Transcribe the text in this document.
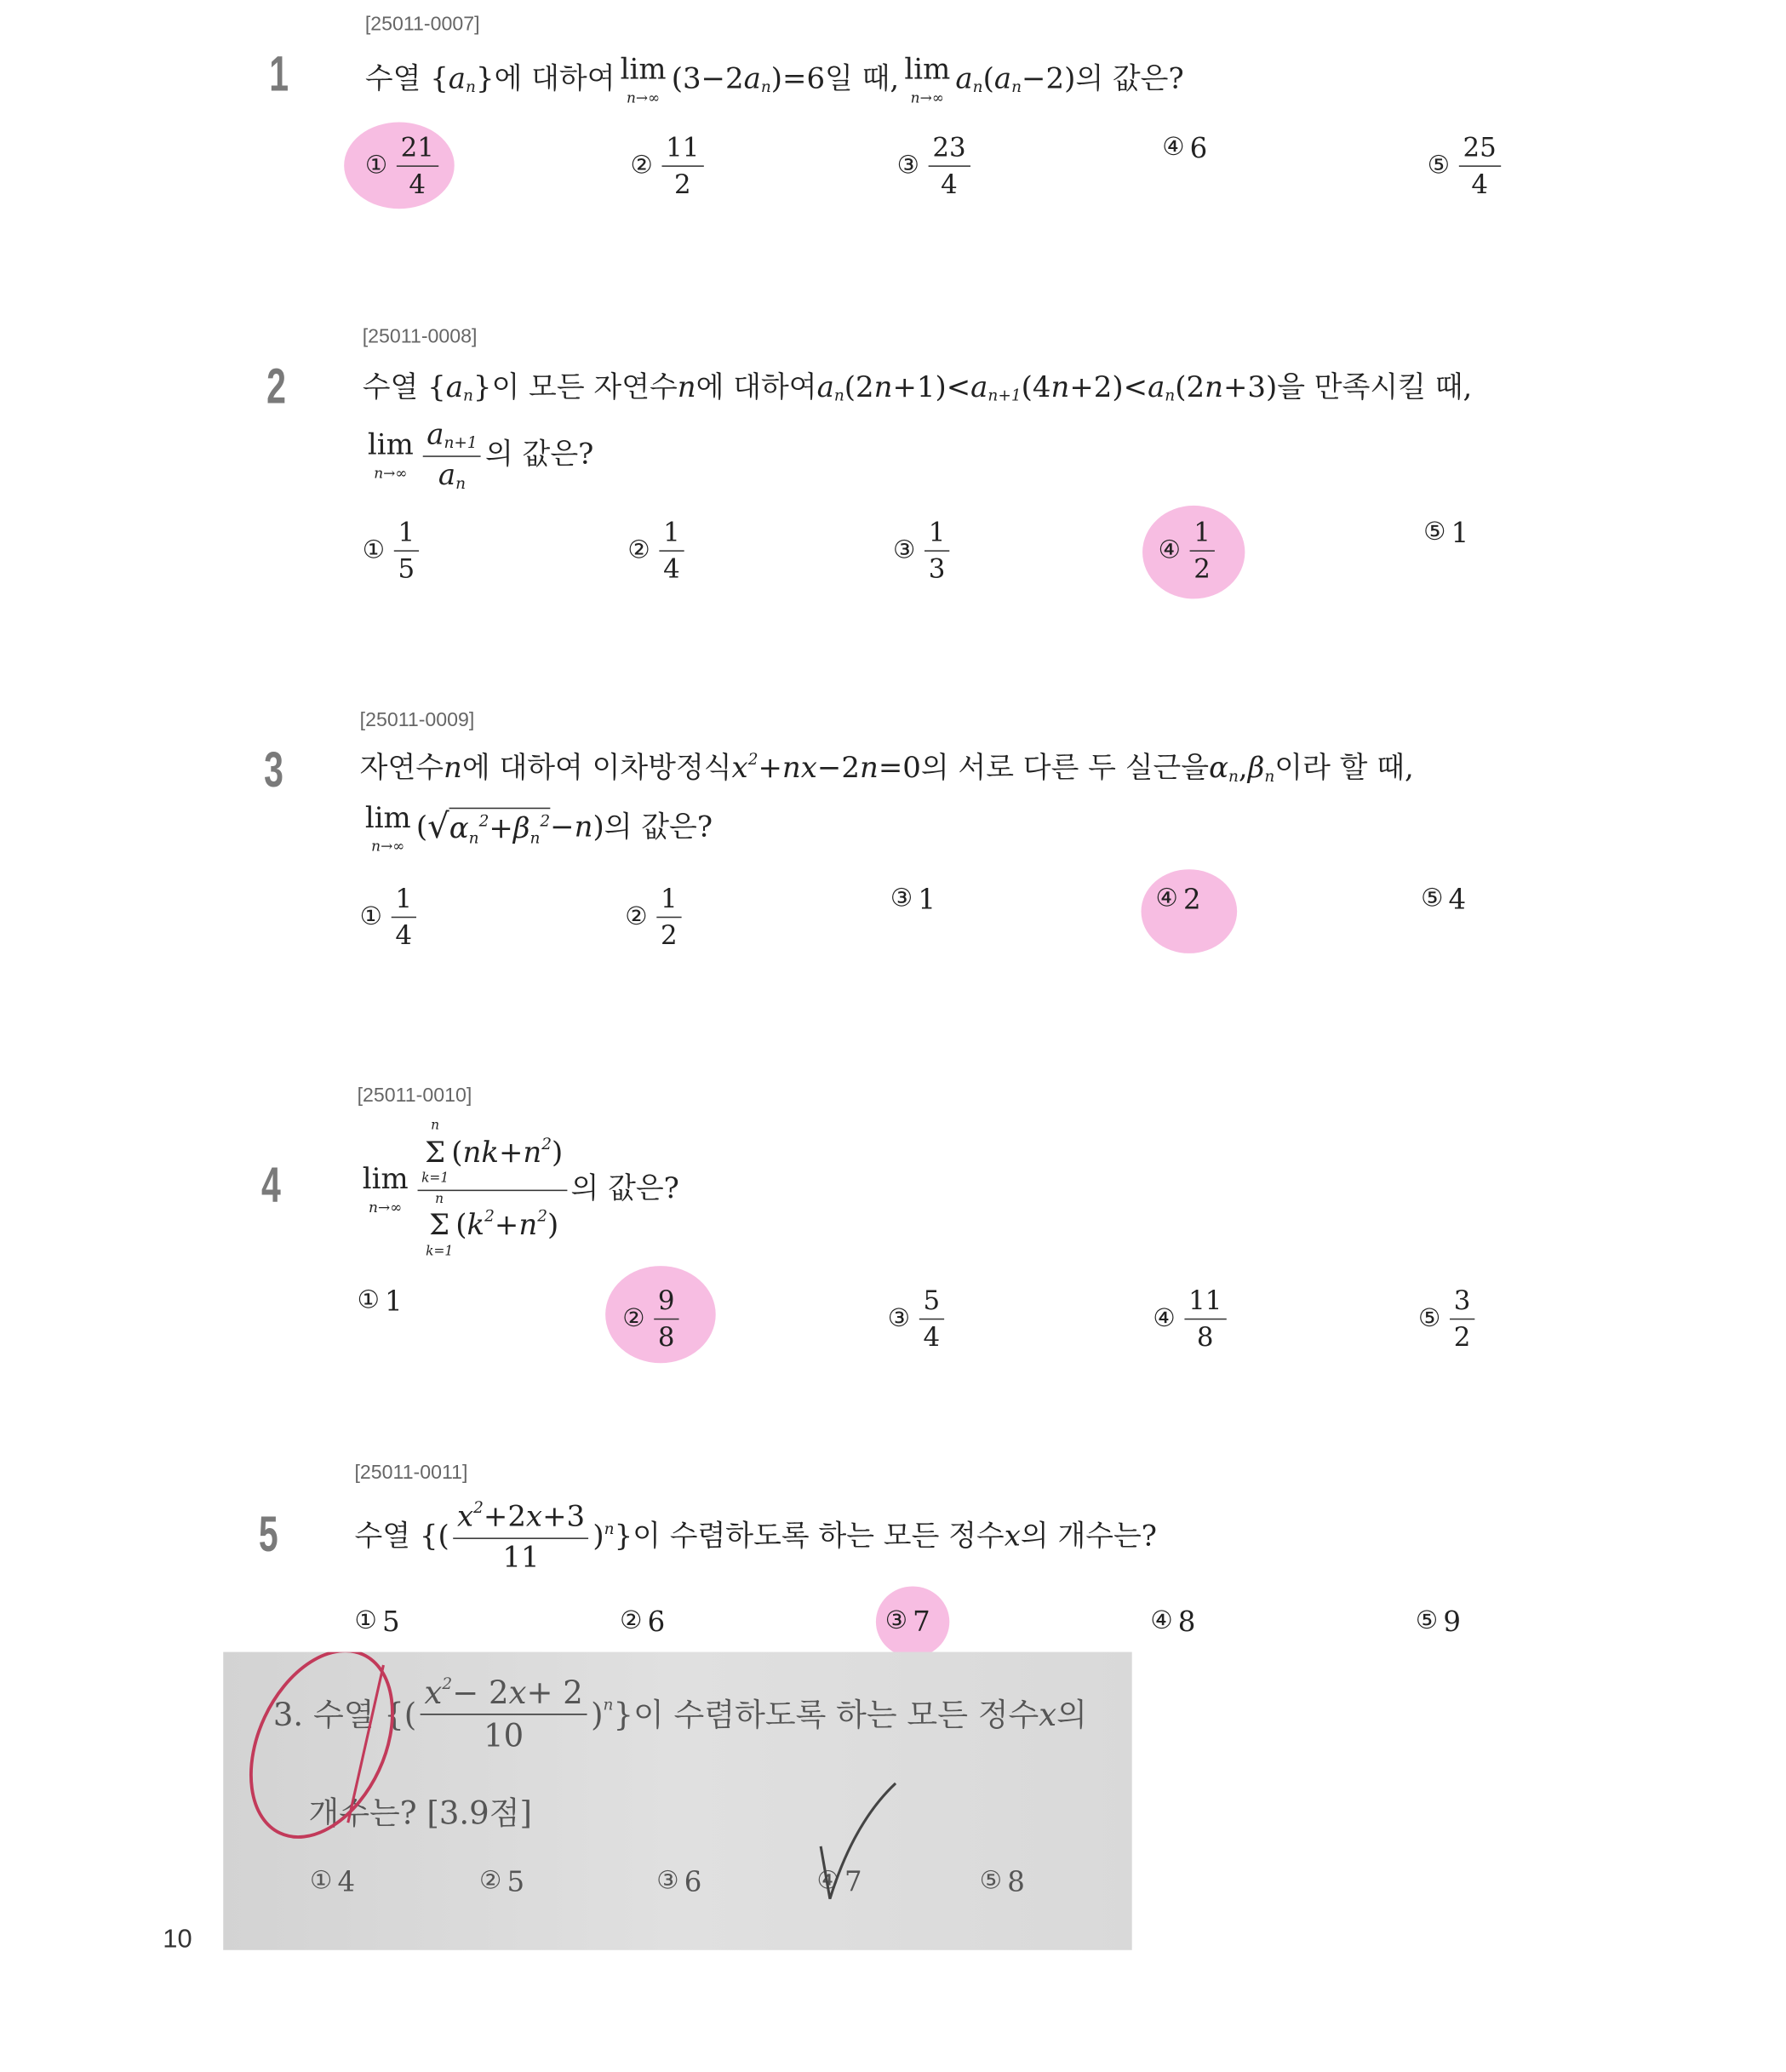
[25011-0007]
1	수열 { $a_n$ }에 대하여 lim
n→∞
(3−2 $a_n$ )=6일 때, lim
n→∞
$a_n$ ( $a_n -2$)의 값은?
① $\frac{21}{4}$	② $\frac{11}{2}$	③ $\frac{23}{4}$	④ 6
⑤ $\frac{25}{4}$
[25011-0008]
2	수열 { $a_n$ }이 모든 자연수 n 에 대하여 $a_n$ (2 $n +1)< a_{n+1}$ (4 $n +2)< a_n$ (2 n +3)을 만족시킬 때,
lim
$n\to\infty \frac{a_{n+1}}{a_n}$ 의 값은?
① $\frac{1}{5}$	② $\frac{1}{4}$	③ $\frac{1}{3}$	④ $\frac{1}{2}$	⑤ 1
[25011-0009]
3	자연수 n 에 대하여 이차방정식 $x^2$ + nx −2 n =0의 서로 다른 두 실근을 $\alpha_n$ , $\beta_n$ 이라 할 때,
lim
n→∞
( √ $\alpha_n$
$^2 + \beta_n$
$^2$ − n )의 값은?
① $\frac{1}{4}$	② $\frac{1}{2}$	③ 1	④ 2	⑤ 4
[25011-0010]
4	lim
n→∞ n
Σ
k=1
( nk + $n^2$ )
n
Σ
k=1
( $k^2 + n^2$ ) 의 값은?
① 1
② $\frac{9}{8}$	③ $\frac{5}{4}$	④ $\frac{11}{8}$	⑤ $\frac{3}{2}$
[25011-0011]
5	수열 {( $\frac{x^2 +2 x +3}{11} )^n$ }이 수렴하도록 하는 모든 정수 x 의 개수는?
① 5	② 6	③ 7	④ 8	⑤ 9
3. 수열 {( $\frac{x^2 - 2 x + 2}{10} )^n$ }이 수렴하도록 하는 모든 정수 x 의
개수는? [3.9점]
① 4	② 5	③ 6	④ 7	⑤ 8
10
